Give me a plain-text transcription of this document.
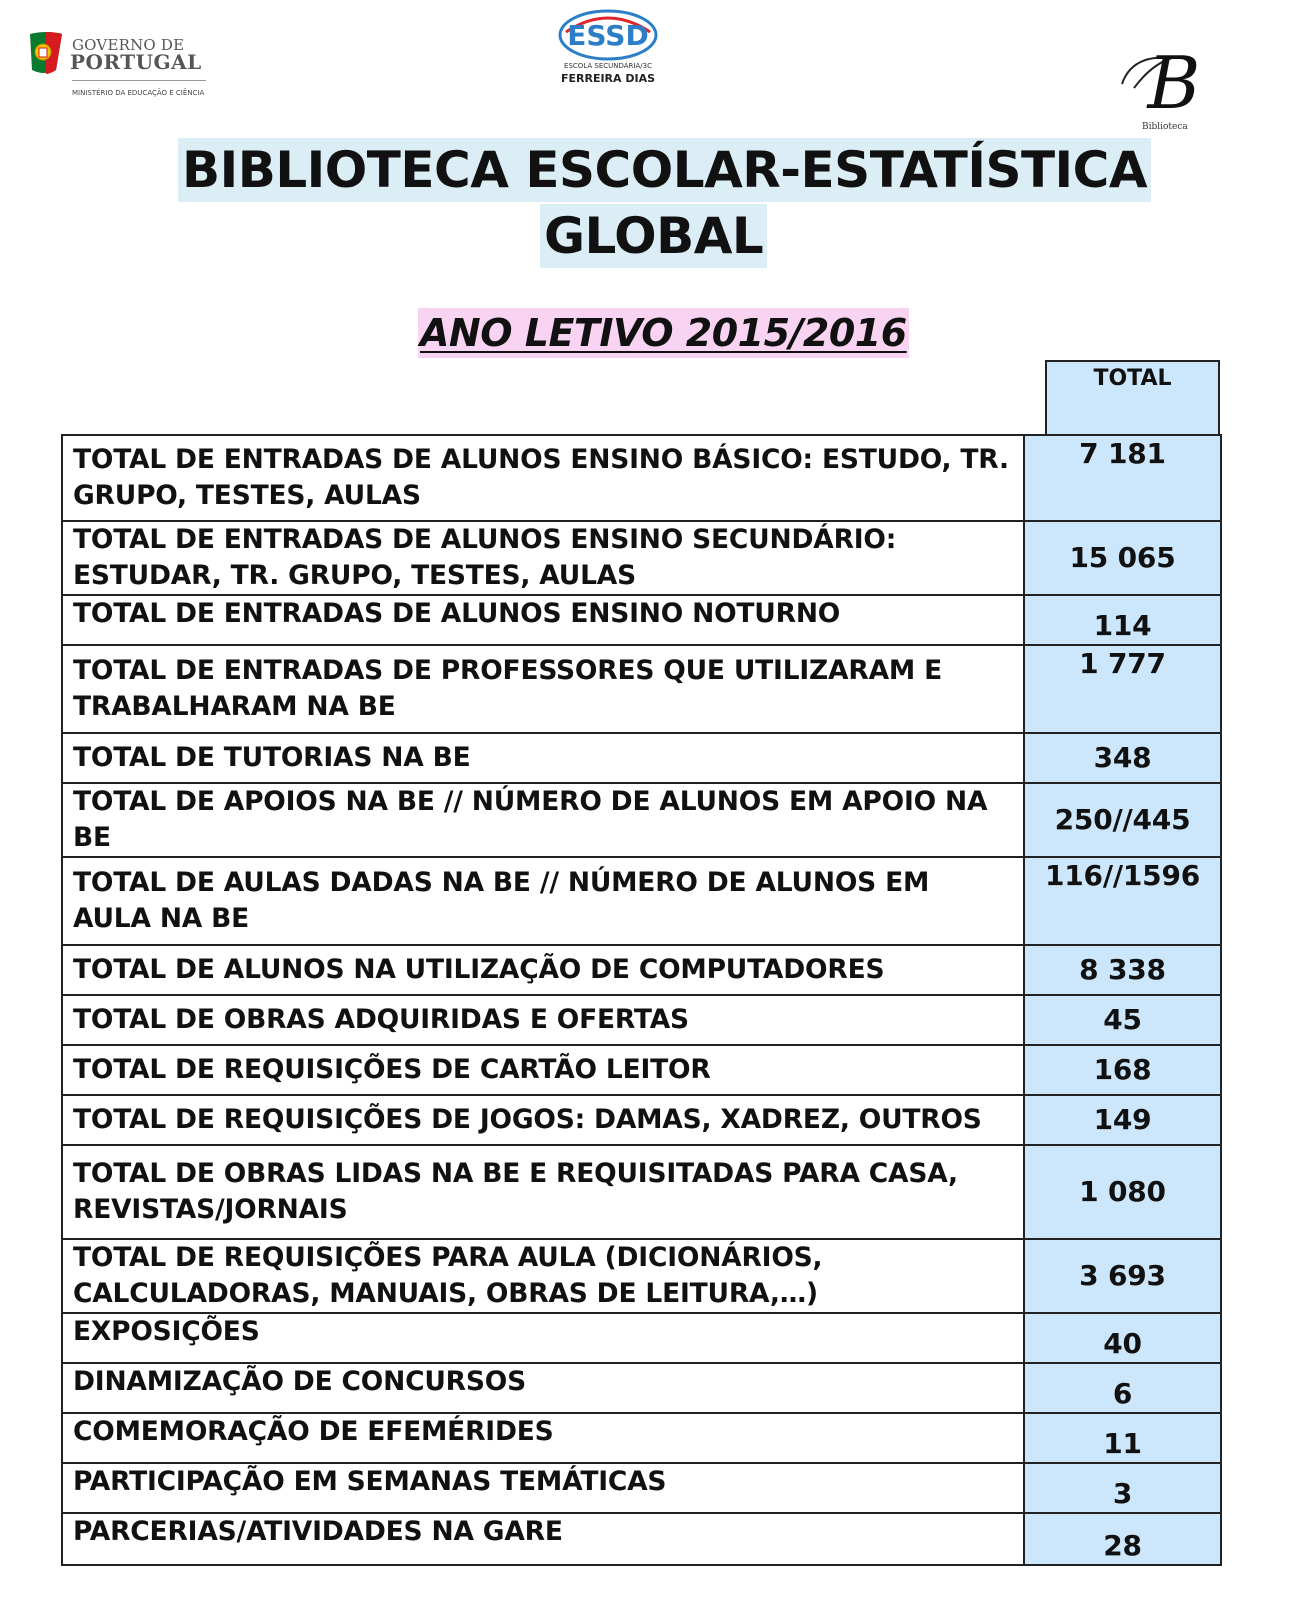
GOVERNO DE
PORTUGAL
MINISTÉRIO DA EDUCAÇÃO E CIÊNCIA
ESSD
ESCOLA SECUNDÁRIA/3C
FERREIRA DIAS	B
Biblioteca
BIBLIOTECA ESCOLAR-ESTATÍSTICA
GLOBAL
ANO LETIVO 2015/2016
TOTAL
TOTAL DE ENTRADAS DE ALUNOS ENSINO BÁSICO: ESTUDO, TR. GRUPO, TESTES, AULAS	7 181
TOTAL DE ENTRADAS DE ALUNOS ENSINO SECUNDÁRIO: ESTUDAR, TR. GRUPO, TESTES, AULAS	15 065
TOTAL DE ENTRADAS DE ALUNOS ENSINO NOTURNO	114
TOTAL DE ENTRADAS DE PROFESSORES QUE UTILIZARAM E TRABALHARAM NA BE	1 777
TOTAL DE TUTORIAS NA BE	348
TOTAL DE APOIOS NA BE // NÚMERO DE ALUNOS EM APOIO NA BE	250//445
TOTAL DE AULAS DADAS NA BE // NÚMERO DE ALUNOS EM AULA NA BE	116//1596
TOTAL DE ALUNOS NA UTILIZAÇÃO DE COMPUTADORES	8 338
TOTAL DE OBRAS ADQUIRIDAS E OFERTAS	45
TOTAL DE REQUISIÇÕES DE CARTÃO LEITOR	168
TOTAL DE REQUISIÇÕES DE JOGOS: DAMAS, XADREZ, OUTROS	149
TOTAL DE OBRAS LIDAS NA BE E REQUISITADAS PARA CASA, REVISTAS/JORNAIS	1 080
TOTAL DE REQUISIÇÕES PARA AULA (DICIONÁRIOS, CALCULADORAS, MANUAIS, OBRAS DE LEITURA,…)	3 693
EXPOSIÇÕES	40
DINAMIZAÇÃO DE CONCURSOS	6
COMEMORAÇÃO DE EFEMÉRIDES	11
PARTICIPAÇÃO EM SEMANAS TEMÁTICAS	3
PARCERIAS/ATIVIDADES NA GARE	28
